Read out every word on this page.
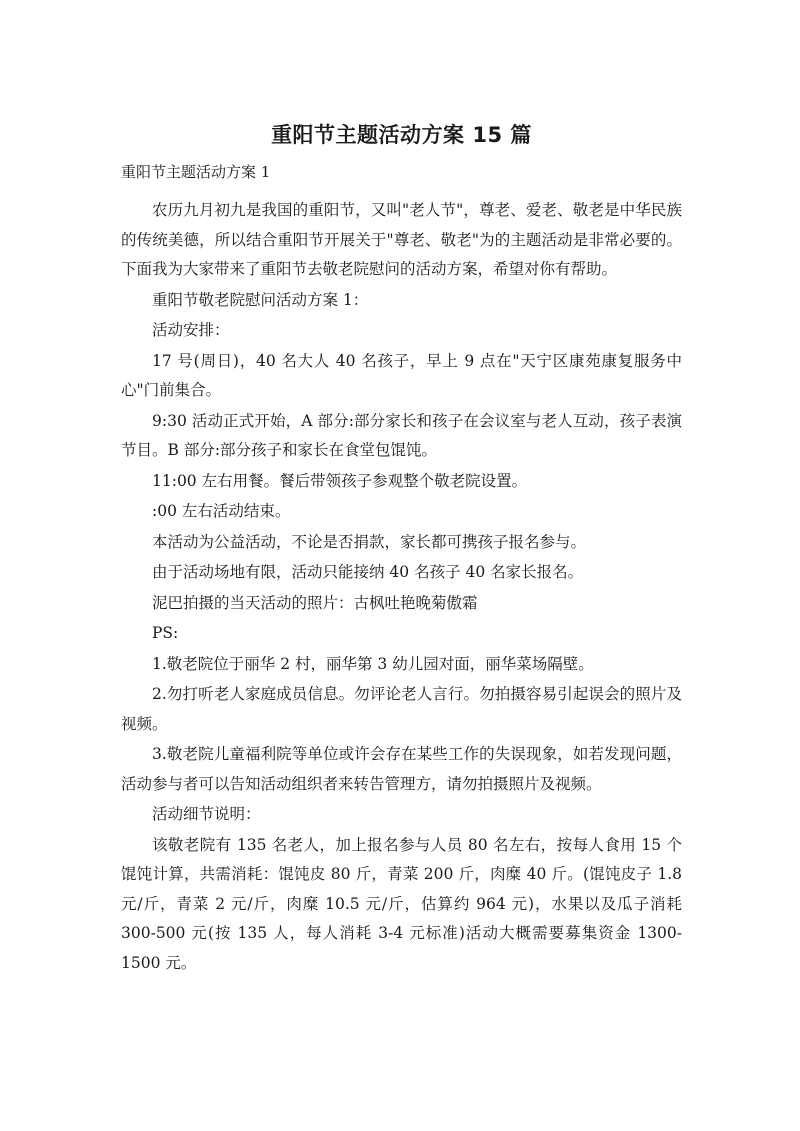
重阳节主题活动方案 15 篇
重阳节主题活动方案 1

农历九月初九是我国的重阳节，又叫"老人节"，尊老、爱老、敬老是中华民族的传统美德，所以结合重阳节开展关于"尊老、敬老"为的主题活动是非常必要的。下面我为大家带来了重阳节去敬老院慰问的活动方案，希望对你有帮助。

重阳节敬老院慰问活动方案 1：

活动安排：

17 号(周日)，40 名大人 40 名孩子，早上 9 点在"天宁区康苑康复服务中心"门前集合。

9:30 活动正式开始，A 部分:部分家长和孩子在会议室与老人互动，孩子表演节目。B 部分:部分孩子和家长在食堂包馄饨。

11:00 左右用餐。餐后带领孩子参观整个敬老院设置。

:00 左右活动结束。

本活动为公益活动，不论是否捐款，家长都可携孩子报名参与。

由于活动场地有限，活动只能接纳 40 名孩子 40 名家长报名。

泥巴拍摄的当天活动的照片：古枫吐艳晚菊傲霜

PS:

1.敬老院位于丽华 2 村，丽华第 3 幼儿园对面，丽华菜场隔壁。

2.勿打听老人家庭成员信息。勿评论老人言行。勿拍摄容易引起误会的照片及视频。

3.敬老院儿童福利院等单位或许会存在某些工作的失误现象，如若发现问题，活动参与者可以告知活动组织者来转告管理方，请勿拍摄照片及视频。

活动细节说明：

该敬老院有 135 名老人，加上报名参与人员 80 名左右，按每人食用 15 个馄饨计算，共需消耗：馄饨皮 80 斤，青菜 200 斤，肉糜 40 斤。(馄饨皮子 1.8 元/斤，青菜 2 元/斤，肉糜 10.5 元/斤，估算约 964 元)，水果以及瓜子消耗 300-500 元(按 135 人，每人消耗 3-4 元标准)活动大概需要募集资金 1300-1500 元。
